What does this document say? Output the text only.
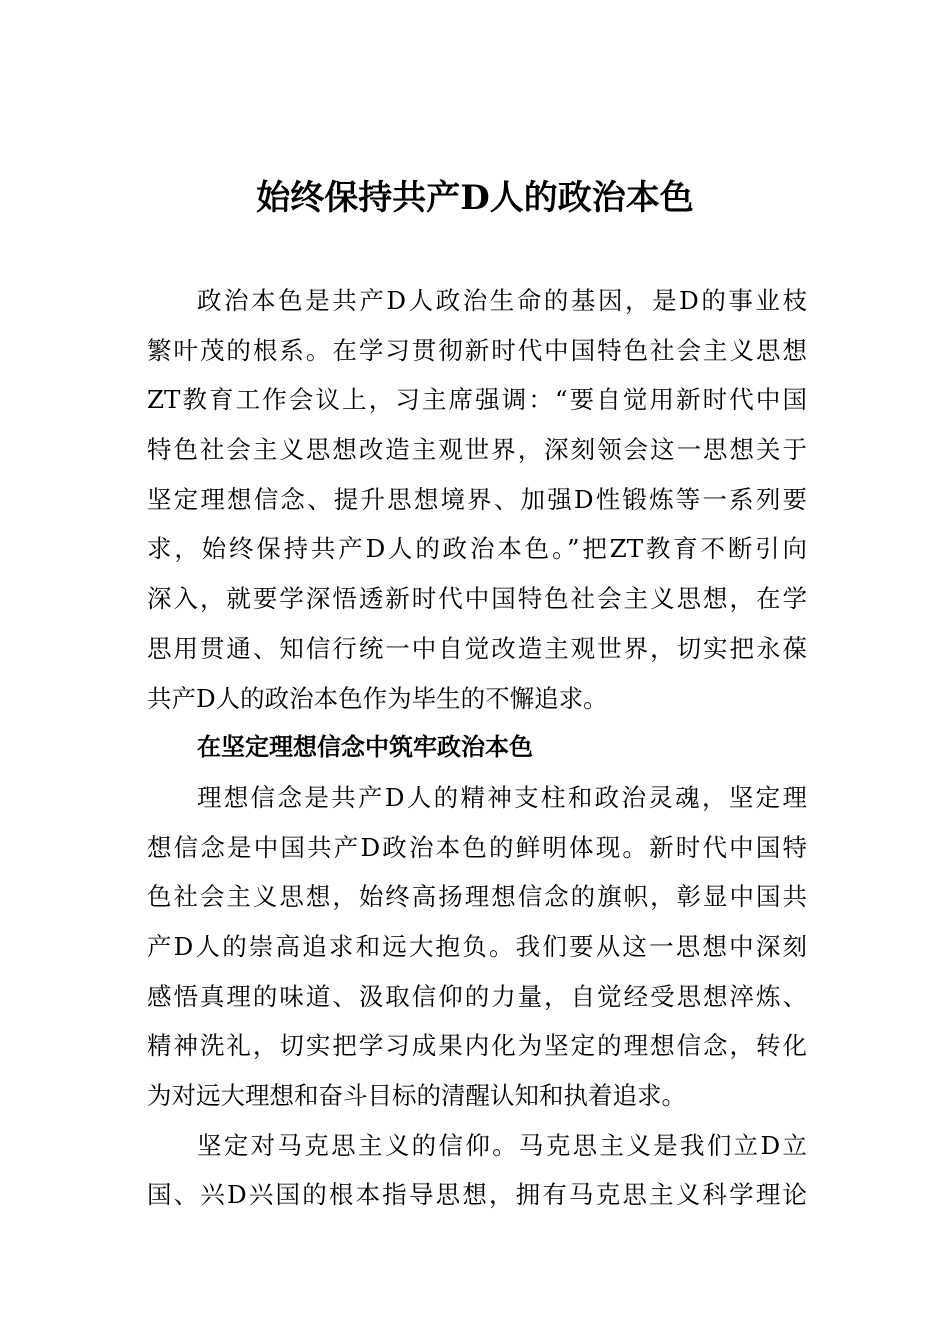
始终保持共产D人的政治本色
政治本色是共产D人政治生命的基因，是D的事业枝
繁叶茂的根系。在学习贯彻新时代中国特色社会主义思想
ZT教育工作会议上，习主席强调：“要自觉用新时代中国
特色社会主义思想改造主观世界，深刻领会这一思想关于
坚定理想信念、提升思想境界、加强D性锻炼等一系列要
求，始终保持共产D人的政治本色。”把ZT教育不断引向
深入，就要学深悟透新时代中国特色社会主义思想，在学
思用贯通、知信行统一中自觉改造主观世界，切实把永葆
共产D人的政治本色作为毕生的不懈追求。
在坚定理想信念中筑牢政治本色
理想信念是共产D人的精神支柱和政治灵魂，坚定理
想信念是中国共产D政治本色的鲜明体现。新时代中国特
色社会主义思想，始终高扬理想信念的旗帜，彰显中国共
产D人的崇高追求和远大抱负。我们要从这一思想中深刻
感悟真理的味道、汲取信仰的力量，自觉经受思想淬炼、
精神洗礼，切实把学习成果内化为坚定的理想信念，转化
为对远大理想和奋斗目标的清醒认知和执着追求。
坚定对马克思主义的信仰。马克思主义是我们立D立
国、兴D兴国的根本指导思想，拥有马克思主义科学理论
